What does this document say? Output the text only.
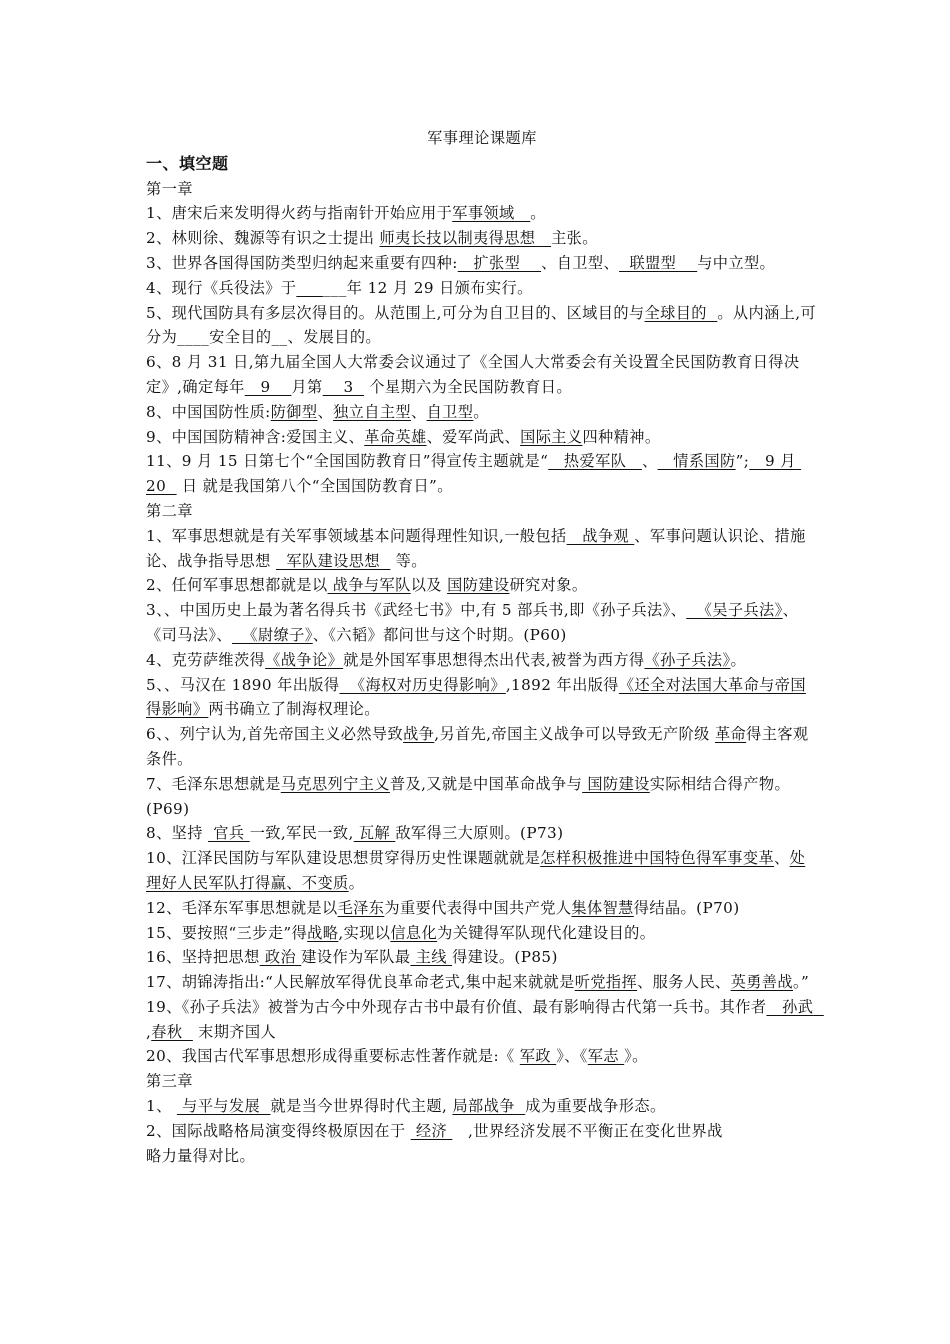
军事理论课题库
一、填空题
第一章
1、唐宋后来发明得火药与指南针开始应用于军事领域   。
2、林则徐、魏源等有识之士提出 师夷长技以制夷得思想   主张。
3、世界各国得国防类型归纳起来重要有四种:   扩张型    、自卫型、  联盟型    与中立型。
4、现行《兵役法》于  _____年 12 月 29 日颁布实行。
5、现代国防具有多层次得目的。从范围上,可分为自卫目的、区域目的与全球目的  。从内涵上,可分为____安全目的__、发展目的。
6、8 月 31 日,第九届全国人大常委会议通过了《全国人大常委会有关设置全民国防教育日得决定》,确定每年   9    月第    3   个星期六为全民国防教育日。
8、中国国防性质:防御型、独立自主型、自卫型。
9、中国国防精神含:爱国主义、革命英雄、爱军尚武、国际主义四种精神。
11、9 月 15 日第七个“全国国防教育日”得宣传主题就是“   热爱军队   、   情系国防”;   9 月 20   日 就是我国第八个“全国国防教育日”。
第二章
1、军事思想就是有关军事领域基本问题得理性知识,一般包括   战争观 、军事问题认识论、措施论、战争指导思想   军队建设思想   等。
2、任何军事思想都就是以 战争与军队以及 国防建设研究对象。
3、、中国历史上最为著名得兵书《武经七书》中,有 5 部兵书,即《孙子兵法》、  《吴子兵法》、《司马法》、  《尉缭子》、《六韬》都问世与这个时期。(P60)
4、克劳萨维茨得《战争论》就是外国军事思想得杰出代表,被誉为西方得《孙子兵法》。
5、、马汉在 1890 年出版得  《海权对历史得影响》,1892 年出版得《还全对法国大革命与帝国得影响》两书确立了制海权理论。
6、、列宁认为,首先帝国主义必然导致战争,另首先,帝国主义战争可以导致无产阶级 革命得主客观条件。
7、毛泽东思想就是马克思列宁主义普及,又就是中国革命战争与 国防建设实际相结合得产物。(P69)
8、坚持  官兵 一致,军民一致, 瓦解 敌军得三大原则。(P73)
10、江泽民国防与军队建设思想贯穿得历史性课题就就是怎样积极推进中国特色得军事变革、处理好人民军队打得赢、不变质。
12、毛泽东军事思想就是以毛泽东为重要代表得中国共产党人集体智慧得结晶。(P70)
15、要按照“三步走”得战略,实现以信息化为关键得军队现代化建设目的。
16、坚持把思想 政治 建设作为军队最 主线 得建设。(P85)
17、胡锦涛指出:“人民解放军得优良革命老式,集中起来就就是听党指挥、服务人民、英勇善战。”
19、《孙子兵法》被誉为古今中外现存古书中最有价值、最有影响得古代第一兵书。其作者   孙武  ,春秋   末期齐国人
20、我国古代军事思想形成得重要标志性著作就是:《 军政 》、《军志 》。
第三章
1、  与平与发展  就是当今世界得时代主题, 局部战争  成为重要战争形态。
2、国际战略格局演变得终极原因在于  经济    ,世界经济发展不平衡正在变化世界战
略力量得对比。
